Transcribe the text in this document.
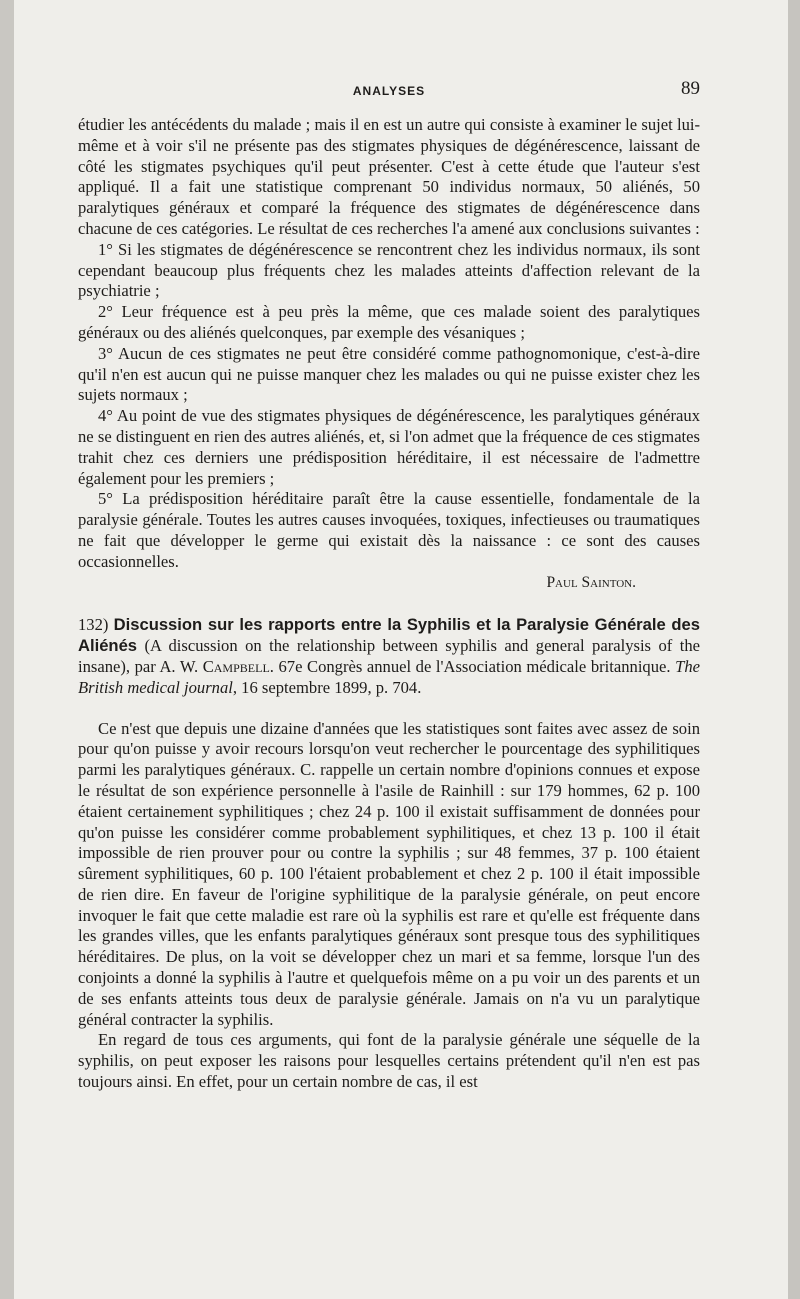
ANALYSES	89

étudier les antécédents du malade ; mais il en est un autre qui consiste à examiner le sujet lui-même et à voir s'il ne présente pas des stigmates physiques de dégénérescence, laissant de côté les stigmates psychiques qu'il peut présenter. C'est à cette étude que l'auteur s'est appliqué. Il a fait une statistique comprenant 50 individus normaux, 50 aliénés, 50 paralytiques généraux et comparé la fréquence des stigmates de dégénérescence dans chacune de ces catégories. Le résultat de ces recherches l'a amené aux conclusions suivantes :

1° Si les stigmates de dégénérescence se rencontrent chez les individus normaux, ils sont cependant beaucoup plus fréquents chez les malades atteints d'affection relevant de la psychiatrie ;

2° Leur fréquence est à peu près la même, que ces malade soient des paralytiques généraux ou des aliénés quelconques, par exemple des vésaniques ;

3° Aucun de ces stigmates ne peut être considéré comme pathognomonique, c'est-à-dire qu'il n'en est aucun qui ne puisse manquer chez les malades ou qui ne puisse exister chez les sujets normaux ;

4° Au point de vue des stigmates physiques de dégénérescence, les paralytiques généraux ne se distinguent en rien des autres aliénés, et, si l'on admet que la fréquence de ces stigmates trahit chez ces derniers une prédisposition héréditaire, il est nécessaire de l'admettre également pour les premiers ;

5° La prédisposition héréditaire paraît être la cause essentielle, fondamentale de la paralysie générale. Toutes les autres causes invoquées, toxiques, infectieuses ou traumatiques ne fait que développer le germe qui existait dès la naissance : ce sont des causes occasionnelles.

Paul Sainton.

132) Discussion sur les rapports entre la Syphilis et la Paralysie Générale des Aliénés (A discussion on the relationship between syphilis and general paralysis of the insane), par A. W. Campbell. 67e Congrès annuel de l'Association médicale britannique. The British medical journal, 16 septembre 1899, p. 704.

Ce n'est que depuis une dizaine d'années que les statistiques sont faites avec assez de soin pour qu'on puisse y avoir recours lorsqu'on veut rechercher le pourcentage des syphilitiques parmi les paralytiques généraux. C. rappelle un certain nombre d'opinions connues et expose le résultat de son expérience personnelle à l'asile de Rainhill : sur 179 hommes, 62 p. 100 étaient certainement syphilitiques ; chez 24 p. 100 il existait suffisamment de données pour qu'on puisse les considérer comme probablement syphilitiques, et chez 13 p. 100 il était impossible de rien prouver pour ou contre la syphilis ; sur 48 femmes, 37 p. 100 étaient sûrement syphilitiques, 60 p. 100 l'étaient probablement et chez 2 p. 100 il était impossible de rien dire. En faveur de l'origine syphilitique de la paralysie générale, on peut encore invoquer le fait que cette maladie est rare où la syphilis est rare et qu'elle est fréquente dans les grandes villes, que les enfants paralytiques généraux sont presque tous des syphilitiques héréditaires. De plus, on la voit se développer chez un mari et sa femme, lorsque l'un des conjoints a donné la syphilis à l'autre et quelquefois même on a pu voir un des parents et un de ses enfants atteints tous deux de paralysie générale. Jamais on n'a vu un paralytique général contracter la syphilis.

En regard de tous ces arguments, qui font de la paralysie générale une séquelle de la syphilis, on peut exposer les raisons pour lesquelles certains prétendent qu'il n'en est pas toujours ainsi. En effet, pour un certain nombre de cas, il est
